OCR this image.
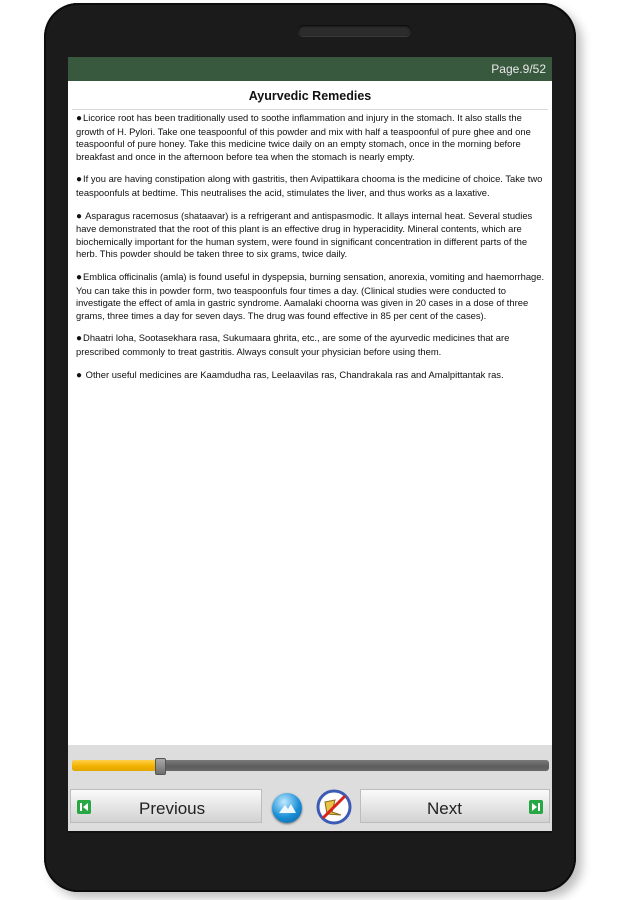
Page.9/52
Ayurvedic Remedies

●Licorice root has been traditionally used to soothe inflammation and injury in the stomach. It also stalls the growth of H. Pylori. Take one teaspoonful of this powder and mix with half a teaspoonful of pure ghee and one teaspoonful of pure honey. Take this medicine twice daily on an empty stomach, once in the morning before breakfast and once in the afternoon before tea when the stomach is nearly empty.

●If you are having constipation along with gastritis, then Avipattikara chooma is the medicine of choice. Take two teaspoonfuls at bedtime. This neutralises the acid, stimulates the liver, and thus works as a laxative.

● Asparagus racemosus (shataavar) is a refrigerant and antispasmodic. It allays internal heat. Several studies have demonstrated that the root of this plant is an effective drug in hyperacidity. Mineral contents, which are biochemically important for the human system, were found in significant concentration in different parts of the herb. This powder should be taken three to six grams, twice daily.

●Emblica officinalis (amla) is found useful in dyspepsia, burning sensation, anorexia, vomiting and haemorrhage. You can take this in powder form, two teaspoonfuls four times a day. (Clinical studies were conducted to investigate the effect of amla in gastric syndrome. Aamalaki choorna was given in 20 cases in a dose of three grams, three times a day for seven days. The drug was found effective in 85 per cent of the cases).

●Dhaatri loha, Sootasekhara rasa, Sukumaara ghrita, etc., are some of the ayurvedic medicines that are prescribed commonly to treat gastritis. Always consult your physician before using them.

● Other useful medicines are Kaamdudha ras, Leelaavilas ras, Chandrakala ras and Amalpittantak ras.

Previous	Next
